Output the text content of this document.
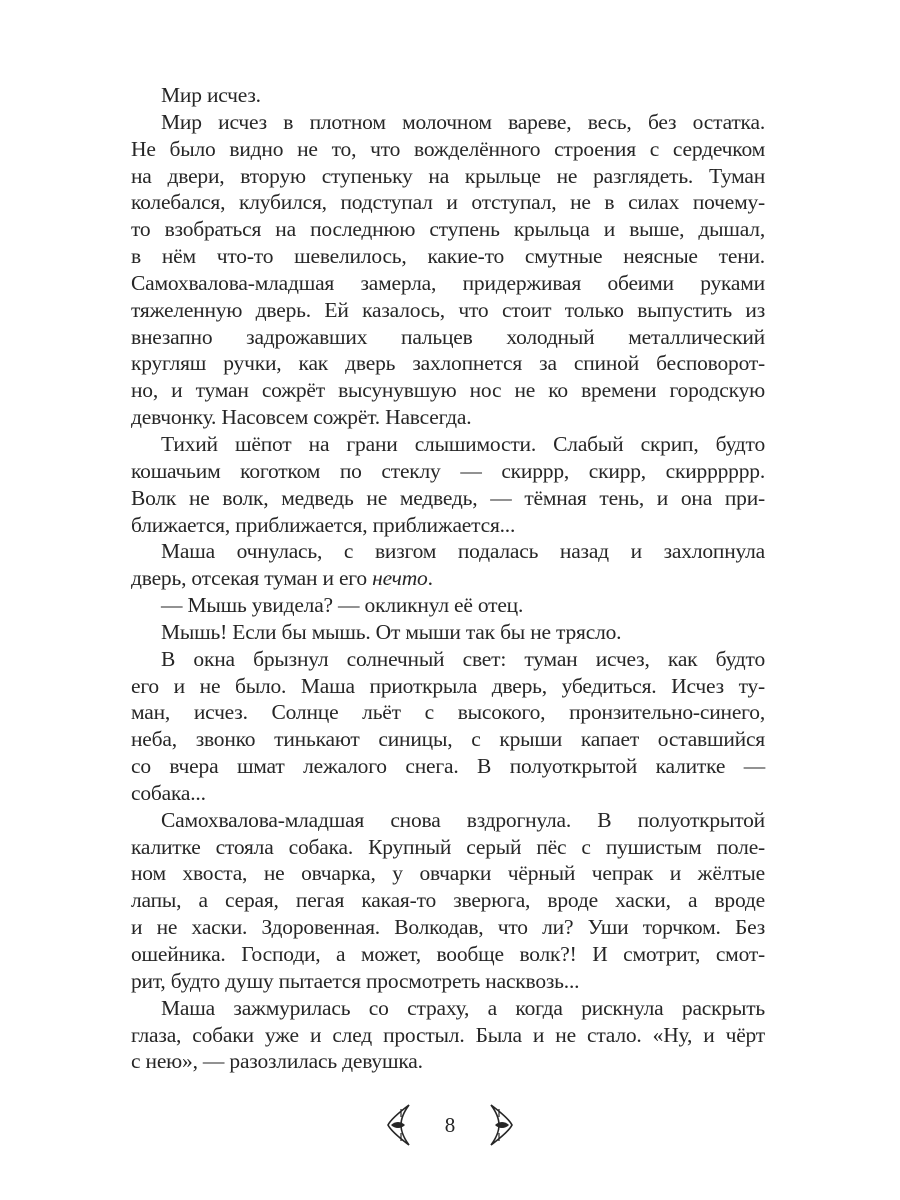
Мир исчез.
Мир исчез в плотном молочном вареве, весь, без остатка.
Не было видно не то, что вожделённого строения с сердечком
на двери, вторую ступеньку на крыльце не разглядеть. Туман
колебался, клубился, подступал и отступал, не в силах почему-
то взобраться на последнюю ступень крыльца и выше, дышал,
в нём что-то шевелилось, какие-то смутные неясные тени.
Самохвалова-младшая замерла, придерживая обеими руками
тяжеленную дверь. Ей казалось, что стоит только выпустить из
внезапно задрожавших пальцев холодный металлический
кругляш ручки, как дверь захлопнется за спиной бесповорот-
но, и туман сожрёт высунувшую нос не ко времени городскую
девчонку. Насовсем сожрёт. Навсегда.
Тихий шёпот на грани слышимости. Слабый скрип, будто
кошачьим коготком по стеклу — скиррр, скирр, скирррррр.
Волк не волк, медведь не медведь, — тёмная тень, и она при-
ближается, приближается, приближается...
Маша очнулась, с визгом подалась назад и захлопнула
дверь, отсекая туман и его нечто.
— Мышь увидела? — окликнул её отец.
Мышь! Если бы мышь. От мыши так бы не трясло.
В окна брызнул солнечный свет: туман исчез, как будто
его и не было. Маша приоткрыла дверь, убедиться. Исчез ту-
ман, исчез. Солнце льёт с высокого, пронзительно-синего,
неба, звонко тинькают синицы, с крыши капает оставшийся
со вчера шмат лежалого снега. В полуоткрытой калитке —
собака...
Самохвалова-младшая снова вздрогнула. В полуоткрытой
калитке стояла собака. Крупный серый пёс с пушистым поле-
ном хвоста, не овчарка, у овчарки чёрный чепрак и жёлтые
лапы, а серая, пегая какая-то зверюга, вроде хаски, а вроде
и не хаски. Здоровенная. Волкодав, что ли? Уши торчком. Без
ошейника. Господи, а может, вообще волк?! И смотрит, смот-
рит, будто душу пытается просмотреть насквозь...
Маша зажмурилась со страху, а когда рискнула раскрыть
глаза, собаки уже и след простыл. Была и не стало. «Ну, и чёрт
с нею», — разозлилась девушка.
8
